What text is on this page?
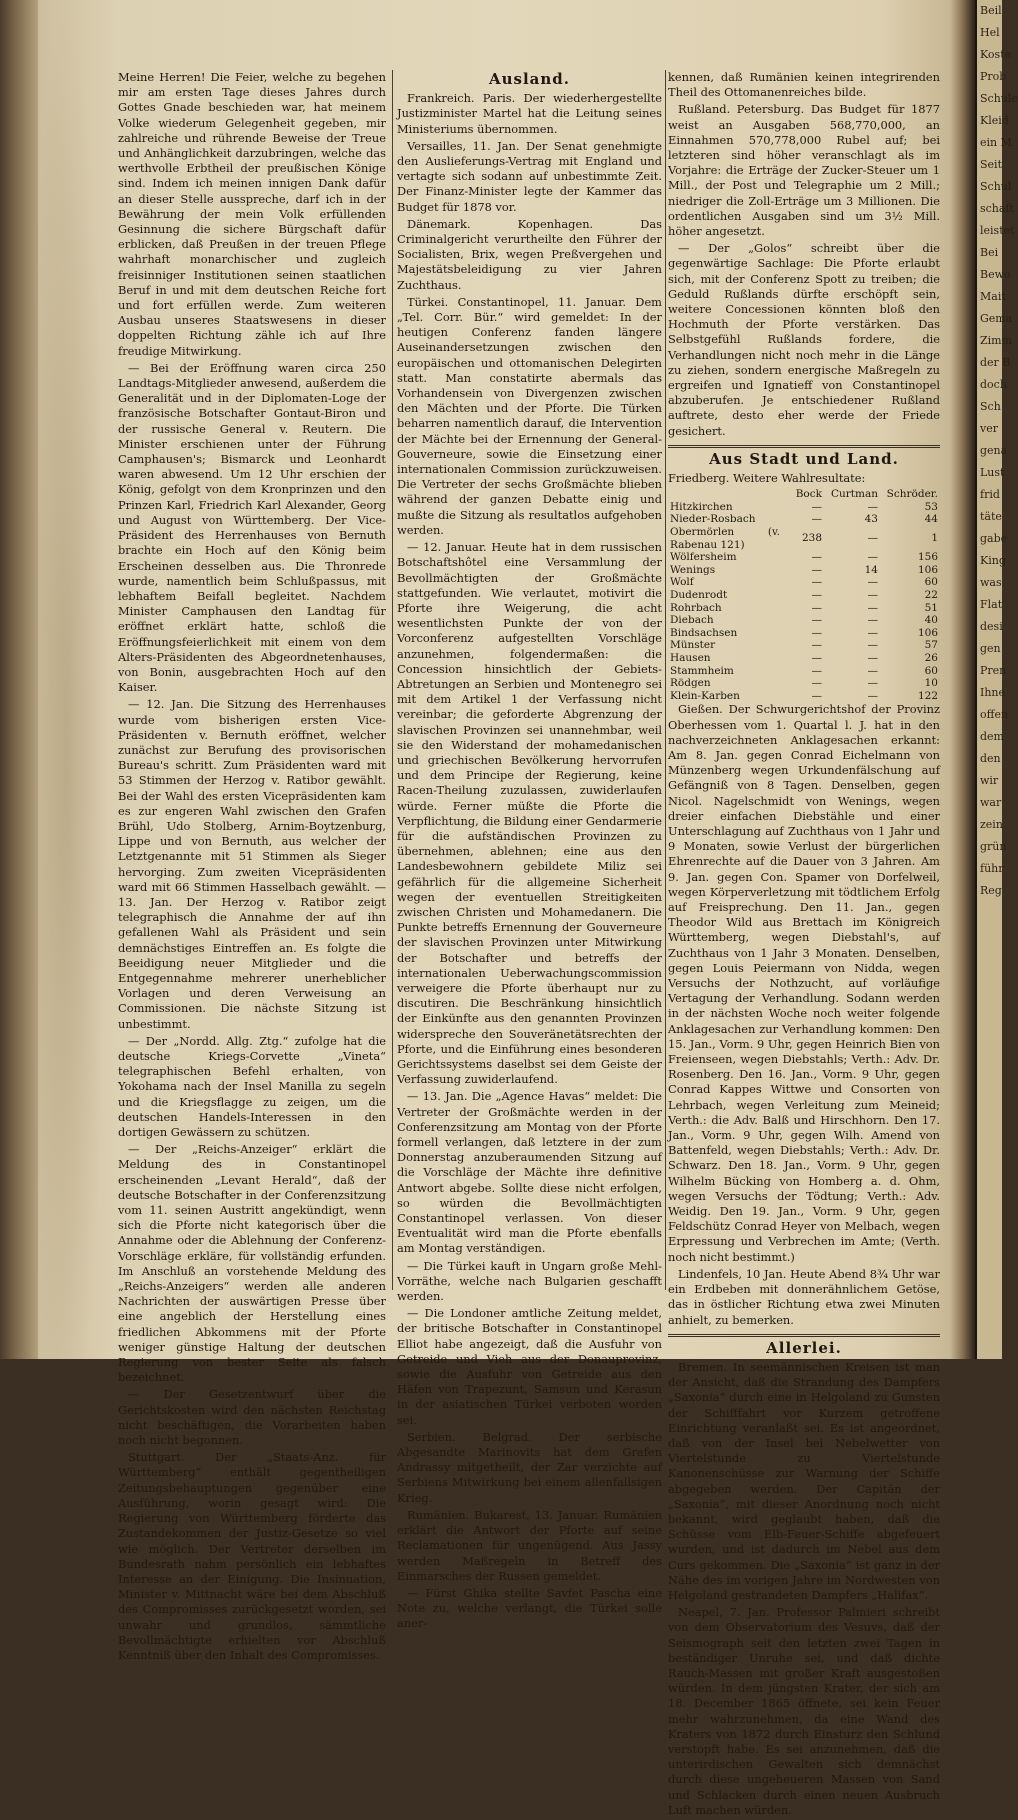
Meine Herren! Die Feier, welche zu begehen mir am ersten Tage dieses Jahres durch Gottes Gnade beschieden war, hat meinem Volke wiederum Gelegenheit gegeben, mir zahlreiche und rührende Beweise der Treue und Anhänglichkeit darzubringen, welche das werthvolle Erbtheil der preußischen Könige sind. Indem ich meinen innigen Dank dafür an dieser Stelle ausspreche, darf ich in der Bewährung der mein Volk erfüllenden Gesinnung die sichere Bürgschaft dafür erblicken, daß Preußen in der treuen Pflege wahrhaft monarchischer und zugleich freisinniger Institutionen seinen staatlichen Beruf in und mit dem deutschen Reiche fort und fort erfüllen werde. Zum weiteren Ausbau unseres Staatswesens in dieser doppelten Richtung zähle ich auf Ihre freudige Mitwirkung.

— Bei der Eröffnung waren circa 250 Landtags-Mitglieder anwesend, außerdem die Generalität und in der Diplomaten-Loge der französische Botschafter Gontaut-Biron und der russische General v. Reutern. Die Minister erschienen unter der Führung Camphausen's; Bismarck und Leonhardt waren abwesend. Um 12 Uhr erschien der König, gefolgt von dem Kronprinzen und den Prinzen Karl, Friedrich Karl Alexander, Georg und August von Württemberg. Der Vice-Präsident des Herrenhauses von Bernuth brachte ein Hoch auf den König beim Erscheinen desselben aus. Die Thronrede wurde, namentlich beim Schlußpassus, mit lebhaftem Beifall begleitet. Nachdem Minister Camphausen den Landtag für eröffnet erklärt hatte, schloß die Eröffnungsfeierlichkeit mit einem von dem Alters-Präsidenten des Abgeordnetenhauses, von Bonin, ausgebrachten Hoch auf den Kaiser.

— 12. Jan. Die Sitzung des Herrenhauses wurde vom bisherigen ersten Vice-Präsidenten v. Bernuth eröffnet, welcher zunächst zur Berufung des provisorischen Bureau's schritt. Zum Präsidenten ward mit 53 Stimmen der Herzog v. Ratibor gewählt. Bei der Wahl des ersten Vicepräsidenten kam es zur engeren Wahl zwischen den Grafen Brühl, Udo Stolberg, Arnim-Boytzenburg, Lippe und von Bernuth, aus welcher der Letztgenannte mit 51 Stimmen als Sieger hervorging. Zum zweiten Vicepräsidenten ward mit 66 Stimmen Hasselbach gewählt. — 13. Jan. Der Herzog v. Ratibor zeigt telegraphisch die Annahme der auf ihn gefallenen Wahl als Präsident und sein demnächstiges Eintreffen an. Es folgte die Beeidigung neuer Mitglieder und die Entgegennahme mehrerer unerheblicher Vorlagen und deren Verweisung an Commissionen. Die nächste Sitzung ist unbestimmt.

— Der „Nordd. Allg. Ztg.“ zufolge hat die deutsche Kriegs-Corvette „Vineta“ telegraphischen Befehl erhalten, von Yokohama nach der Insel Manilla zu segeln und die Kriegsflagge zu zeigen, um die deutschen Handels-Interessen in den dortigen Gewässern zu schützen.

— Der „Reichs-Anzeiger“ erklärt die Meldung des in Constantinopel erscheinenden „Levant Herald“, daß der deutsche Botschafter in der Conferenzsitzung vom 11. seinen Austritt angekündigt, wenn sich die Pforte nicht kategorisch über die Annahme oder die Ablehnung der Conferenz-Vorschläge erkläre, für vollständig erfunden. Im Anschluß an vorstehende Meldung des „Reichs-Anzeigers“ werden alle anderen Nachrichten der auswärtigen Presse über eine angeblich der Herstellung eines friedlichen Abkommens mit der Pforte weniger günstige Haltung der deutschen Regierung von bester Seite als falsch bezeichnet.

— Der Gesetzentwurf über die Gerichtskosten wird den nächsten Reichstag nicht beschäftigen, die Vorarbeiten haben noch nicht begonnen.

Stuttgart. Der „Staats-Anz. für Württemberg“ enthält gegentheiligen Zeitungsbehauptungen gegenüber eine Ausführung, worin gesagt wird: Die Regierung von Württemberg förderte das Zustandekommen der Justiz-Gesetze so viel wie möglich. Der Vertreter derselben im Bundesrath nahm persönlich ein lebhaftes Interesse an der Einigung. Die Insinuation, Minister v. Mittnacht wäre bei dem Abschluß des Compromisses zurückgesetzt worden, sei unwahr und grundlos, sämmtliche Bevollmächtigte erhielten vor Abschluß Kenntniß über den Inhalt des Compromisses.

Ausland.

Frankreich. Paris. Der wiederhergestellte Justizminister Martel hat die Leitung seines Ministeriums übernommen.

Versailles, 11. Jan. Der Senat genehmigte den Auslieferungs-Vertrag mit England und vertagte sich sodann auf unbestimmte Zeit. Der Finanz-Minister legte der Kammer das Budget für 1878 vor.

Dänemark. Kopenhagen. Das Criminalgericht verurtheilte den Führer der Socialisten, Brix, wegen Preßvergehen und Majestätsbeleidigung zu vier Jahren Zuchthaus.

Türkei. Constantinopel, 11. Januar. Dem „Tel. Corr. Bür.“ wird gemeldet: In der heutigen Conferenz fanden längere Auseinandersetzungen zwischen den europäischen und ottomanischen Delegirten statt. Man constatirte abermals das Vorhandensein von Divergenzen zwischen den Mächten und der Pforte. Die Türken beharren namentlich darauf, die Intervention der Mächte bei der Ernennung der General-Gouverneure, sowie die Einsetzung einer internationalen Commission zurückzuweisen. Die Vertreter der sechs Großmächte blieben während der ganzen Debatte einig und mußte die Sitzung als resultatlos aufgehoben werden.

— 12. Januar. Heute hat in dem russischen Botschaftshôtel eine Versammlung der Bevollmächtigten der Großmächte stattgefunden. Wie verlautet, motivirt die Pforte ihre Weigerung, die acht wesentlichsten Punkte der von der Vorconferenz aufgestellten Vorschläge anzunehmen, folgendermaßen: die Concession hinsichtlich der Gebiets-Abtretungen an Serbien und Montenegro sei mit dem Artikel 1 der Verfassung nicht vereinbar; die geforderte Abgrenzung der slavischen Provinzen sei unannehmbar, weil sie den Widerstand der mohamedanischen und griechischen Bevölkerung hervorrufen und dem Principe der Regierung, keine Racen-Theilung zuzulassen, zuwiderlaufen würde. Ferner müßte die Pforte die Verpflichtung, die Bildung einer Gendarmerie für die aufständischen Provinzen zu übernehmen, ablehnen; eine aus den Landesbewohnern gebildete Miliz sei gefährlich für die allgemeine Sicherheit wegen der eventuellen Streitigkeiten zwischen Christen und Mohamedanern. Die Punkte betreffs Ernennung der Gouverneure der slavischen Provinzen unter Mitwirkung der Botschafter und betreffs der internationalen Ueberwachungscommission verweigere die Pforte überhaupt nur zu discutiren. Die Beschränkung hinsichtlich der Einkünfte aus den genannten Provinzen widerspreche den Souveränetätsrechten der Pforte, und die Einführung eines besonderen Gerichtssystems daselbst sei dem Geiste der Verfassung zuwiderlaufend.

— 13. Jan. Die „Agence Havas“ meldet: Die Vertreter der Großmächte werden in der Conferenzsitzung am Montag von der Pforte formell verlangen, daß letztere in der zum Donnerstag anzuberaumenden Sitzung auf die Vorschläge der Mächte ihre definitive Antwort abgebe. Sollte diese nicht erfolgen, so würden die Bevollmächtigten Constantinopel verlassen. Von dieser Eventualität wird man die Pforte ebenfalls am Montag verständigen.

— Die Türkei kauft in Ungarn große Mehl-Vorräthe, welche nach Bulgarien geschafft werden.

— Die Londoner amtliche Zeitung meldet, der britische Botschafter in Constantinopel Elliot habe angezeigt, daß die Ausfuhr von Getreide und Vieh aus der Donauprovinz, sowie die Ausfuhr von Getreide aus den Häfen von Trapezunt, Samsun und Kerasun in der asiatischen Türkei verboten worden sei.

Serbien. Belgrad. Der serbische Abgesandte Marinovits hat dem Grafen Andrassy mitgetheilt, der Zar verzichte auf Serbiens Mitwirkung bei einem allenfallsigen Krieg.

Rumänien. Bukarest, 13. Januar. Rumänien erklärt die Antwort der Pforte auf seine Reclamationen für ungenügend. Aus Jassy werden Maßregeln in Betreff des Einmarsches der Russen gemeldet.

— Fürst Ghika stellte Savfet Pascha eine Note zu, welche verlangt, die Türkei solle aner-

kennen, daß Rumänien keinen integrirenden Theil des Ottomanenreiches bilde.

Rußland. Petersburg. Das Budget für 1877 weist an Ausgaben 568,770,000, an Einnahmen 570,778,000 Rubel auf; bei letzteren sind höher veranschlagt als im Vorjahre: die Erträge der Zucker-Steuer um 1 Mill., der Post und Telegraphie um 2 Mill.; niedriger die Zoll-Erträge um 3 Millionen. Die ordentlichen Ausgaben sind um 3½ Mill. höher angesetzt.

— Der „Golos“ schreibt über die gegenwärtige Sachlage: Die Pforte erlaubt sich, mit der Conferenz Spott zu treiben; die Geduld Rußlands dürfte erschöpft sein, weitere Concessionen könnten bloß den Hochmuth der Pforte verstärken. Das Selbstgefühl Rußlands fordere, die Verhandlungen nicht noch mehr in die Länge zu ziehen, sondern energische Maßregeln zu ergreifen und Ignatieff von Constantinopel abzuberufen. Je entschiedener Rußland auftrete, desto eher werde der Friede gesichert.

Aus Stadt und Land.

Friedberg. Weitere Wahlresultate:

	Bock	Curtman	Schröder.
Hitzkirchen	—	—	53
Nieder-Rosbach	—	43	44
Obermörlen (v. Rabenau 121)	238	—	1
Wölfersheim	—	—	156
Wenings	—	14	106
Wolf	—	—	60
Dudenrodt	—	—	22
Rohrbach	—	—	51
Diebach	—	—	40
Bindsachsen	—	—	106
Münster	—	—	57
Hausen	—	—	26
Stammheim	—	—	60
Rödgen	—	—	10
Klein-Karben	—	—	122

Gießen. Der Schwurgerichtshof der Provinz Oberhessen vom 1. Quartal l. J. hat in den nachverzeichneten Anklagesachen erkannt: Am 8. Jan. gegen Conrad Eichelmann von Münzenberg wegen Urkundenfälschung auf Gefängniß von 8 Tagen. Denselben, gegen Nicol. Nagelschmidt von Wenings, wegen dreier einfachen Diebstähle und einer Unterschlagung auf Zuchthaus von 1 Jahr und 9 Monaten, sowie Verlust der bürgerlichen Ehrenrechte auf die Dauer von 3 Jahren. Am 9. Jan. gegen Con. Spamer von Dorfelweil, wegen Körperverletzung mit tödtlichem Erfolg auf Freisprechung. Den 11. Jan., gegen Theodor Wild aus Brettach im Königreich Württemberg, wegen Diebstahl's, auf Zuchthaus von 1 Jahr 3 Monaten. Denselben, gegen Louis Peiermann von Nidda, wegen Versuchs der Nothzucht, auf vorläufige Vertagung der Verhandlung. Sodann werden in der nächsten Woche noch weiter folgende Anklagesachen zur Verhandlung kommen: Den 15. Jan., Vorm. 9 Uhr, gegen Heinrich Bien von Freienseen, wegen Diebstahls; Verth.: Adv. Dr. Rosenberg. Den 16. Jan., Vorm. 9 Uhr, gegen Conrad Kappes Wittwe und Consorten von Lehrbach, wegen Verleitung zum Meineid; Verth.: die Adv. Balß und Hirschhorn. Den 17. Jan., Vorm. 9 Uhr, gegen Wilh. Amend von Battenfeld, wegen Diebstahls; Verth.: Adv. Dr. Schwarz. Den 18. Jan., Vorm. 9 Uhr, gegen Wilhelm Bücking von Homberg a. d. Ohm, wegen Versuchs der Tödtung; Verth.: Adv. Weidig. Den 19. Jan., Vorm. 9 Uhr, gegen Feldschütz Conrad Heyer von Melbach, wegen Erpressung und Verbrechen im Amte; (Verth. noch nicht bestimmt.)

Lindenfels, 10 Jan. Heute Abend 8¾ Uhr war ein Erdbeben mit donnerähnlichem Getöse, das in östlicher Richtung etwa zwei Minuten anhielt, zu bemerken.

Allerlei.

Bremen. In seemännischen Kreisen ist man der Ansicht, daß die Strandung des Dampfers „Saxonia“ durch eine in Helgoland zu Gunsten der Schifffahrt vor Kurzem getroffene Einrichtung veranlaßt sei. Es ist angeordnet, daß von der Insel bei Nebelwetter von Viertelstunde zu Viertelstunde Kanonenschüsse zur Warnung der Schiffe abgegeben werden. Der Capitän der „Saxonia“, mit dieser Anordnung noch nicht bekannt, wird geglaubt haben, daß die Schüsse vom Elb-Feuer-Schiffe abgefeuert wurden, und ist dadurch im Nebel aus dem Curs gekommen. Die „Saxonia“ ist ganz in der Nähe des im vorigen Jahre im Nordwesten von Helgoland gestrandeten Dampfers „Halifax“.

Neapel, 7. Jan. Professor Palmieri schreibt von dem Observatorium des Vesuvs, daß der Seismograph seit den letzten zwei Tagen in beständiger Unruhe sei, und daß dichte Rauch-Massen mit großer Kraft ausgestoßen würden. In dem jüngsten Krater, der sich am 18. December 1865 öffnete, sei kein Feuer mehr wahrzunehmen, da eine Wand des Kraters von 1872 durch Einsturz den Schlund verstopft habe. Es sei anzunehmen, daß die unterirdischen Gewalten sich demnächst durch diese ungeheueren Massen von Sand und Schlacken durch einen neuen Ausbruch Luft machen würden.

Beil
Hel
Koste
Prob
Schule
Kleid
ein M
Seit
Schul
schaft
leistet
Bei
Bewo
Mait
Gema
Zimm
der B
doch
Sch
ver
gena
Lust
frid
täte
gabe
King
was
Flat
desi
gen
Pren
Ihne
offen
dem
den
wir
war
zein
grün
führ
Reg
